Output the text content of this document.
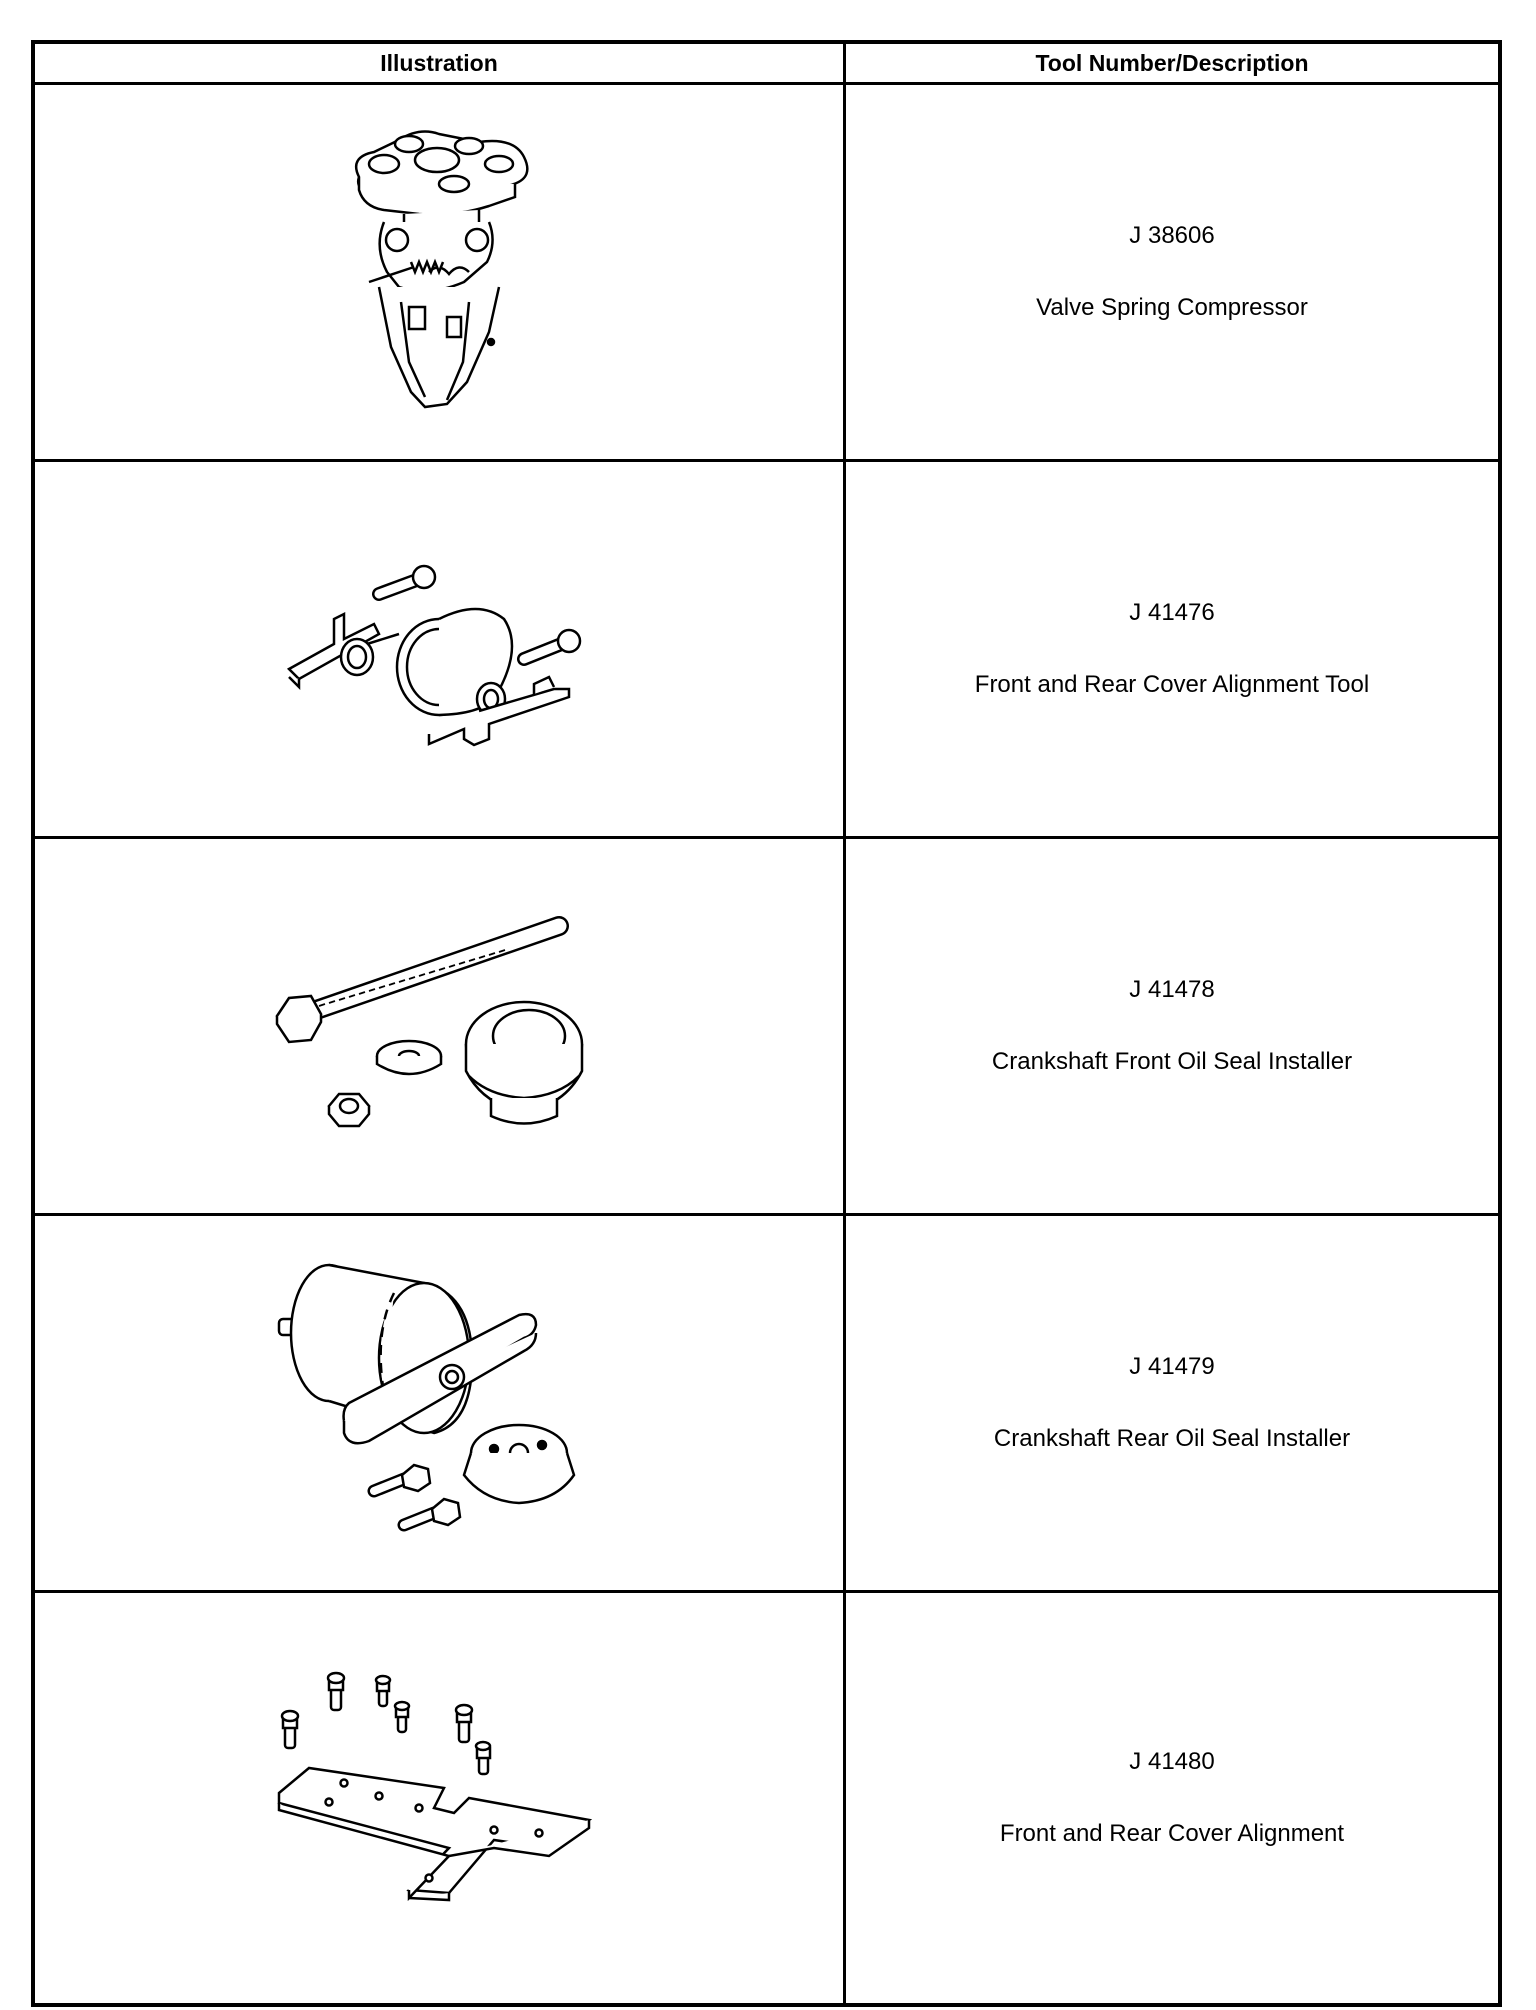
Illustration	Tool Number/Description

J 38606
Valve Spring Compressor

J 41476
Front and Rear Cover Alignment Tool

J 41478
Crankshaft Front Oil Seal Installer

J 41479
Crankshaft Rear Oil Seal Installer

J 41480
Front and Rear Cover Alignment
